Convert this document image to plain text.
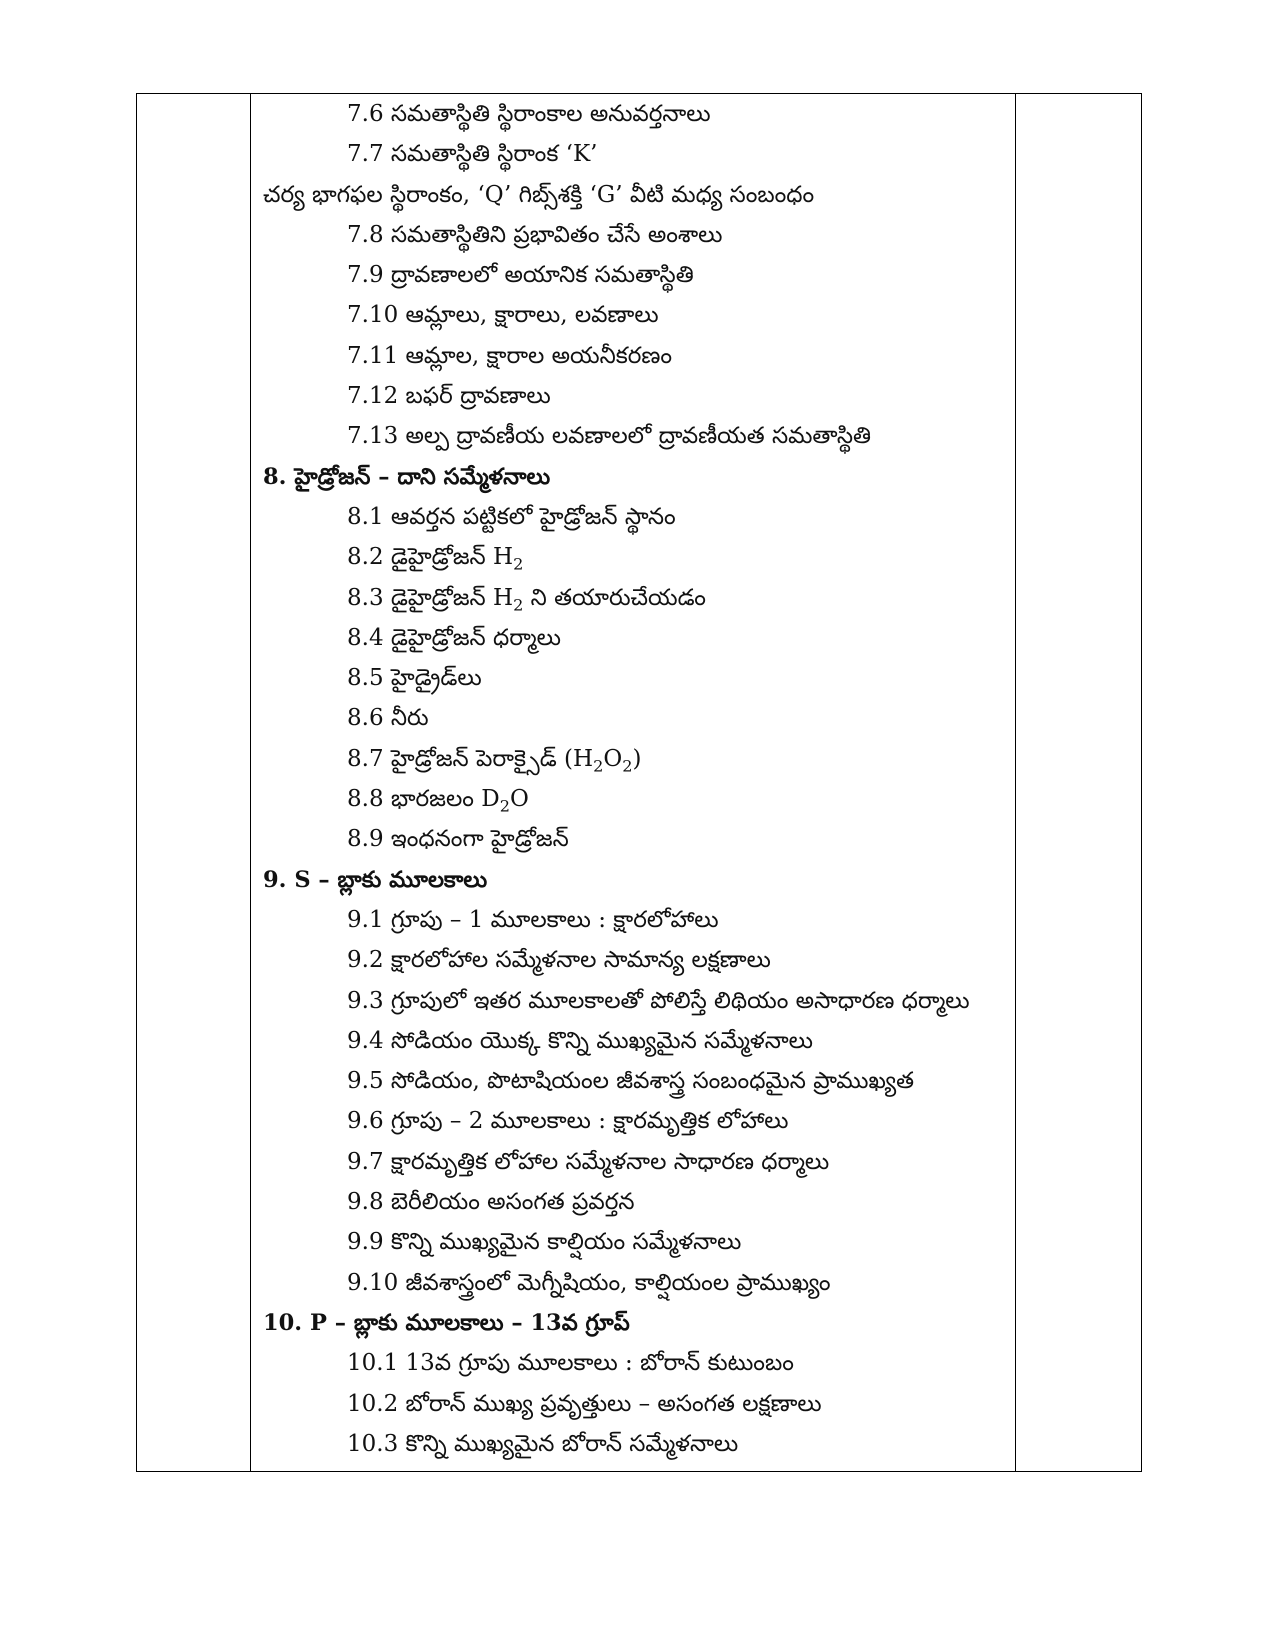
7.6 సమతాస్థితి స్థిరాంకాల అనువర్తనాలు
7.7 సమతాస్థితి స్థిరాంక ‘K’
చర్య భాగఫల స్థిరాంకం, ‘Q’ గిబ్స్‌శక్తి ‘G’ వీటి మధ్య సంబంధం
7.8 సమతాస్థితిని ప్రభావితం చేసే అంశాలు
7.9 ద్రావణాలలో అయానిక సమతాస్థితి
7.10 ఆమ్లాలు, క్షారాలు, లవణాలు
7.11 ఆమ్లాల, క్షారాల అయనీకరణం
7.12 బఫర్ ద్రావణాలు
7.13 అల్ప ద్రావణీయ లవణాలలో ద్రావణీయత సమతాస్థితి
8. హైడ్రోజన్ – దాని సమ్మేళనాలు
8.1 ఆవర్తన పట్టికలో హైడ్రోజన్ స్థానం
8.2 డైహైడ్రోజన్ $H_2$
8.3 డైహైడ్రోజన్ $H_2$ ని తయారుచేయడం
8.4 డైహైడ్రోజన్ ధర్మాలు
8.5 హైడ్రైడ్‌లు
8.6 నీరు
8.7 హైడ్రోజన్ పెరాక్సైడ్ $(H_2O_2)$
8.8 భారజలం $D_2O$
8.9 ఇంధనంగా హైడ్రోజన్
9. S – బ్లాకు మూలకాలు
9.1 గ్రూపు – 1 మూలకాలు : క్షారలోహాలు
9.2 క్షారలోహాల సమ్మేళనాల సామాన్య లక్షణాలు
9.3 గ్రూపులో ఇతర మూలకాలతో పోలిస్తే లిథియం అసాధారణ ధర్మాలు
9.4 సోడియం యొక్క కొన్ని ముఖ్యమైన సమ్మేళనాలు
9.5 సోడియం, పొటాషియంల జీవశాస్త్ర సంబంధమైన ప్రాముఖ్యత
9.6 గ్రూపు – 2 మూలకాలు : క్షారమృత్తిక లోహాలు
9.7 క్షారమృత్తిక లోహాల సమ్మేళనాల సాధారణ ధర్మాలు
9.8 బెరీలియం అసంగత ప్రవర్తన
9.9 కొన్ని ముఖ్యమైన కాల్షియం సమ్మేళనాలు
9.10 జీవశాస్త్రంలో మెగ్నీషియం, కాల్షియంల ప్రాముఖ్యం
10. P – బ్లాకు మూలకాలు – 13వ గ్రూప్
10.1 13వ గ్రూపు మూలకాలు : బోరాన్ కుటుంబం
10.2 బోరాన్ ముఖ్య ప్రవృత్తులు – అసంగత లక్షణాలు
10.3 కొన్ని ముఖ్యమైన బోరాన్ సమ్మేళనాలు
